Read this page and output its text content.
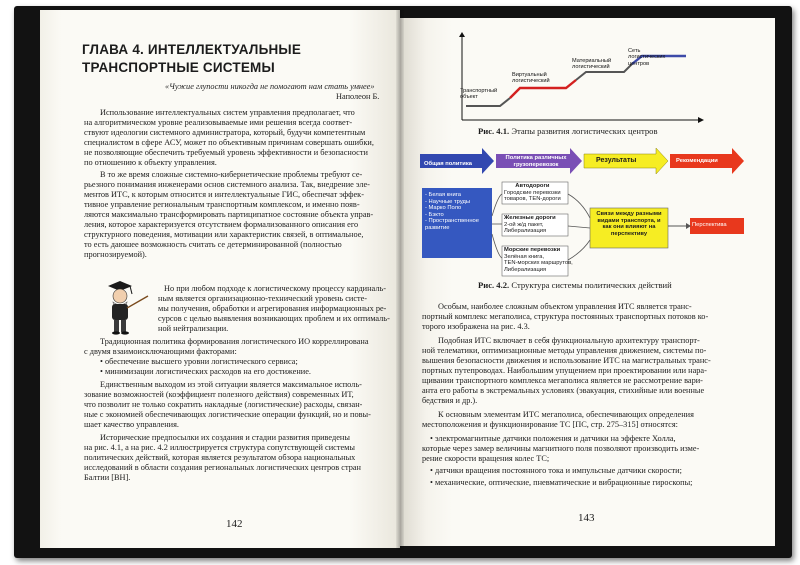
ГЛАВА 4. ИНТЕЛЛЕКТУАЛЬНЫЕ
ТРАНСПОРТНЫЕ СИСТЕМЫ
«Чужие глупости никогда не помогают нам стать умнее»
Наполеон Б.
Использование интеллектуальных систем управления предполагает, что
на алгоритмическом уровне реализовываемые ими решения всегда соответ-
ствуют идеологии системного администратора, который, будучи компетентным
специалистом в сфере АСУ, может по объективным причинам совершать ошибки,
не позволяющие обеспечить требуемый уровень эффективности и безопасности
по отношению к объекту управления.
В то же время сложные системно-кибернетические проблемы требуют се-
рьезного понимания инженерами основ системного анализа. Так, внедрение эле-
ментов ИТС, к которым относится и интеллектуальные ГИС, обеспечат эффек-
тивное управление региональным транспортным комплексом, и именно появ-
ляются максимально трансформировать партиципатное состояние объекта управ-
ления, которое характеризуется отсутствием формализованного описания его
структурного поведения, мотивации или характеристик связей, в оптимальное,
то есть даюшее возможность считать се детерминированной (полностью
прогнозируемой).
Но при любом подходе к логистическому процессу кардиналь-
ным является организационно-технический уровень систе-
мы получения, обработки и агрегирования информационных ре-
сурсов с целью выявления возникающих проблем и их оптималь-
ной нейтрализации.
Традиционная политика формирования логистического ИО корреллирована
с двумя взаимоисключающими факторами:
• обеспечение высшего уровни логистического сервиса;
• минимизации логистических расходов на его достижение.
Единственным выходом из этой ситуации является максимальное исполь-
зование возможностей (коэффициент полезного действия) современных ИТ,
что позволит не только сократить накладные (логистические) расходы, связан-
ные с экономией обеспечивающих логистические операции функций, но и повы-
шает качество управления.
Исторические предпосылки их создания и стадии развития приведены
на рис. 4.1, а на рис. 4.2 иллюстрируется структура сопутствующей системы
политических действий, которая является результатом обзора национальных
исследований в области создания региональных логистических центров стран
Балтии [ВН].
142
Транспортный объект
Виртуальный логистический
Материальный логистический
Сеть логистических центров
Рис. 4.1. Этапы развития логистических центров
Общая политика
Политика различных грузоперевозок
Результаты	Рекомендации
- Белая книга
- Научные труды
- Марко Поло
- Бэкто
- Пространственное
развитие
Автодороги
Городские перевозки
товаров, TEN-дороги
Железные дороги
2-ой ж/д пакет,
Либерализация
Морские перевозки
Зелёная книга,
TEN-морских маршрутов,
Либерализация
Связи между разными
видами транспорта, и
как они влияют на
перспективу
Перспектива
Рис. 4.2. Структура системы политических действий
Особым, наиболее сложным объектом управления ИТС является транс-
портный комплекс мегаполиса, структура постоянных транспортных потоков ко-
торого изображена на рис. 4.3.
Подобная ИТС включает в себя функциональную архитектуру транспорт-
ной телематики, оптимизационные методы управления движением, системы по-
вышения безопасности движения и использование ИТС на магистральных транс-
портных путепроводах. Наибольшим упущением при проектировании или нара-
щивании транспортного комплекса мегаполиса является не рассмотрение вари-
анта его работы в экстремальных условиях (эвакуация, стихийные или военные
бедствия и др.).
К основным элементам ИТС мегаполиса, обеспечивающих определения
местоположения и функционирование ТС [ПС, стр. 275–315] относятся:
• электромагнитные датчики положения и датчики на эффекте Холла,
которые через замер величины магнитного поля позволяют производить изме-
рение скорости вращения колес ТС;
• датчики вращения постоянного тока и импульсные датчики скорости;
• механические, оптические, пневматические и вибрационные гироскопы;
143
